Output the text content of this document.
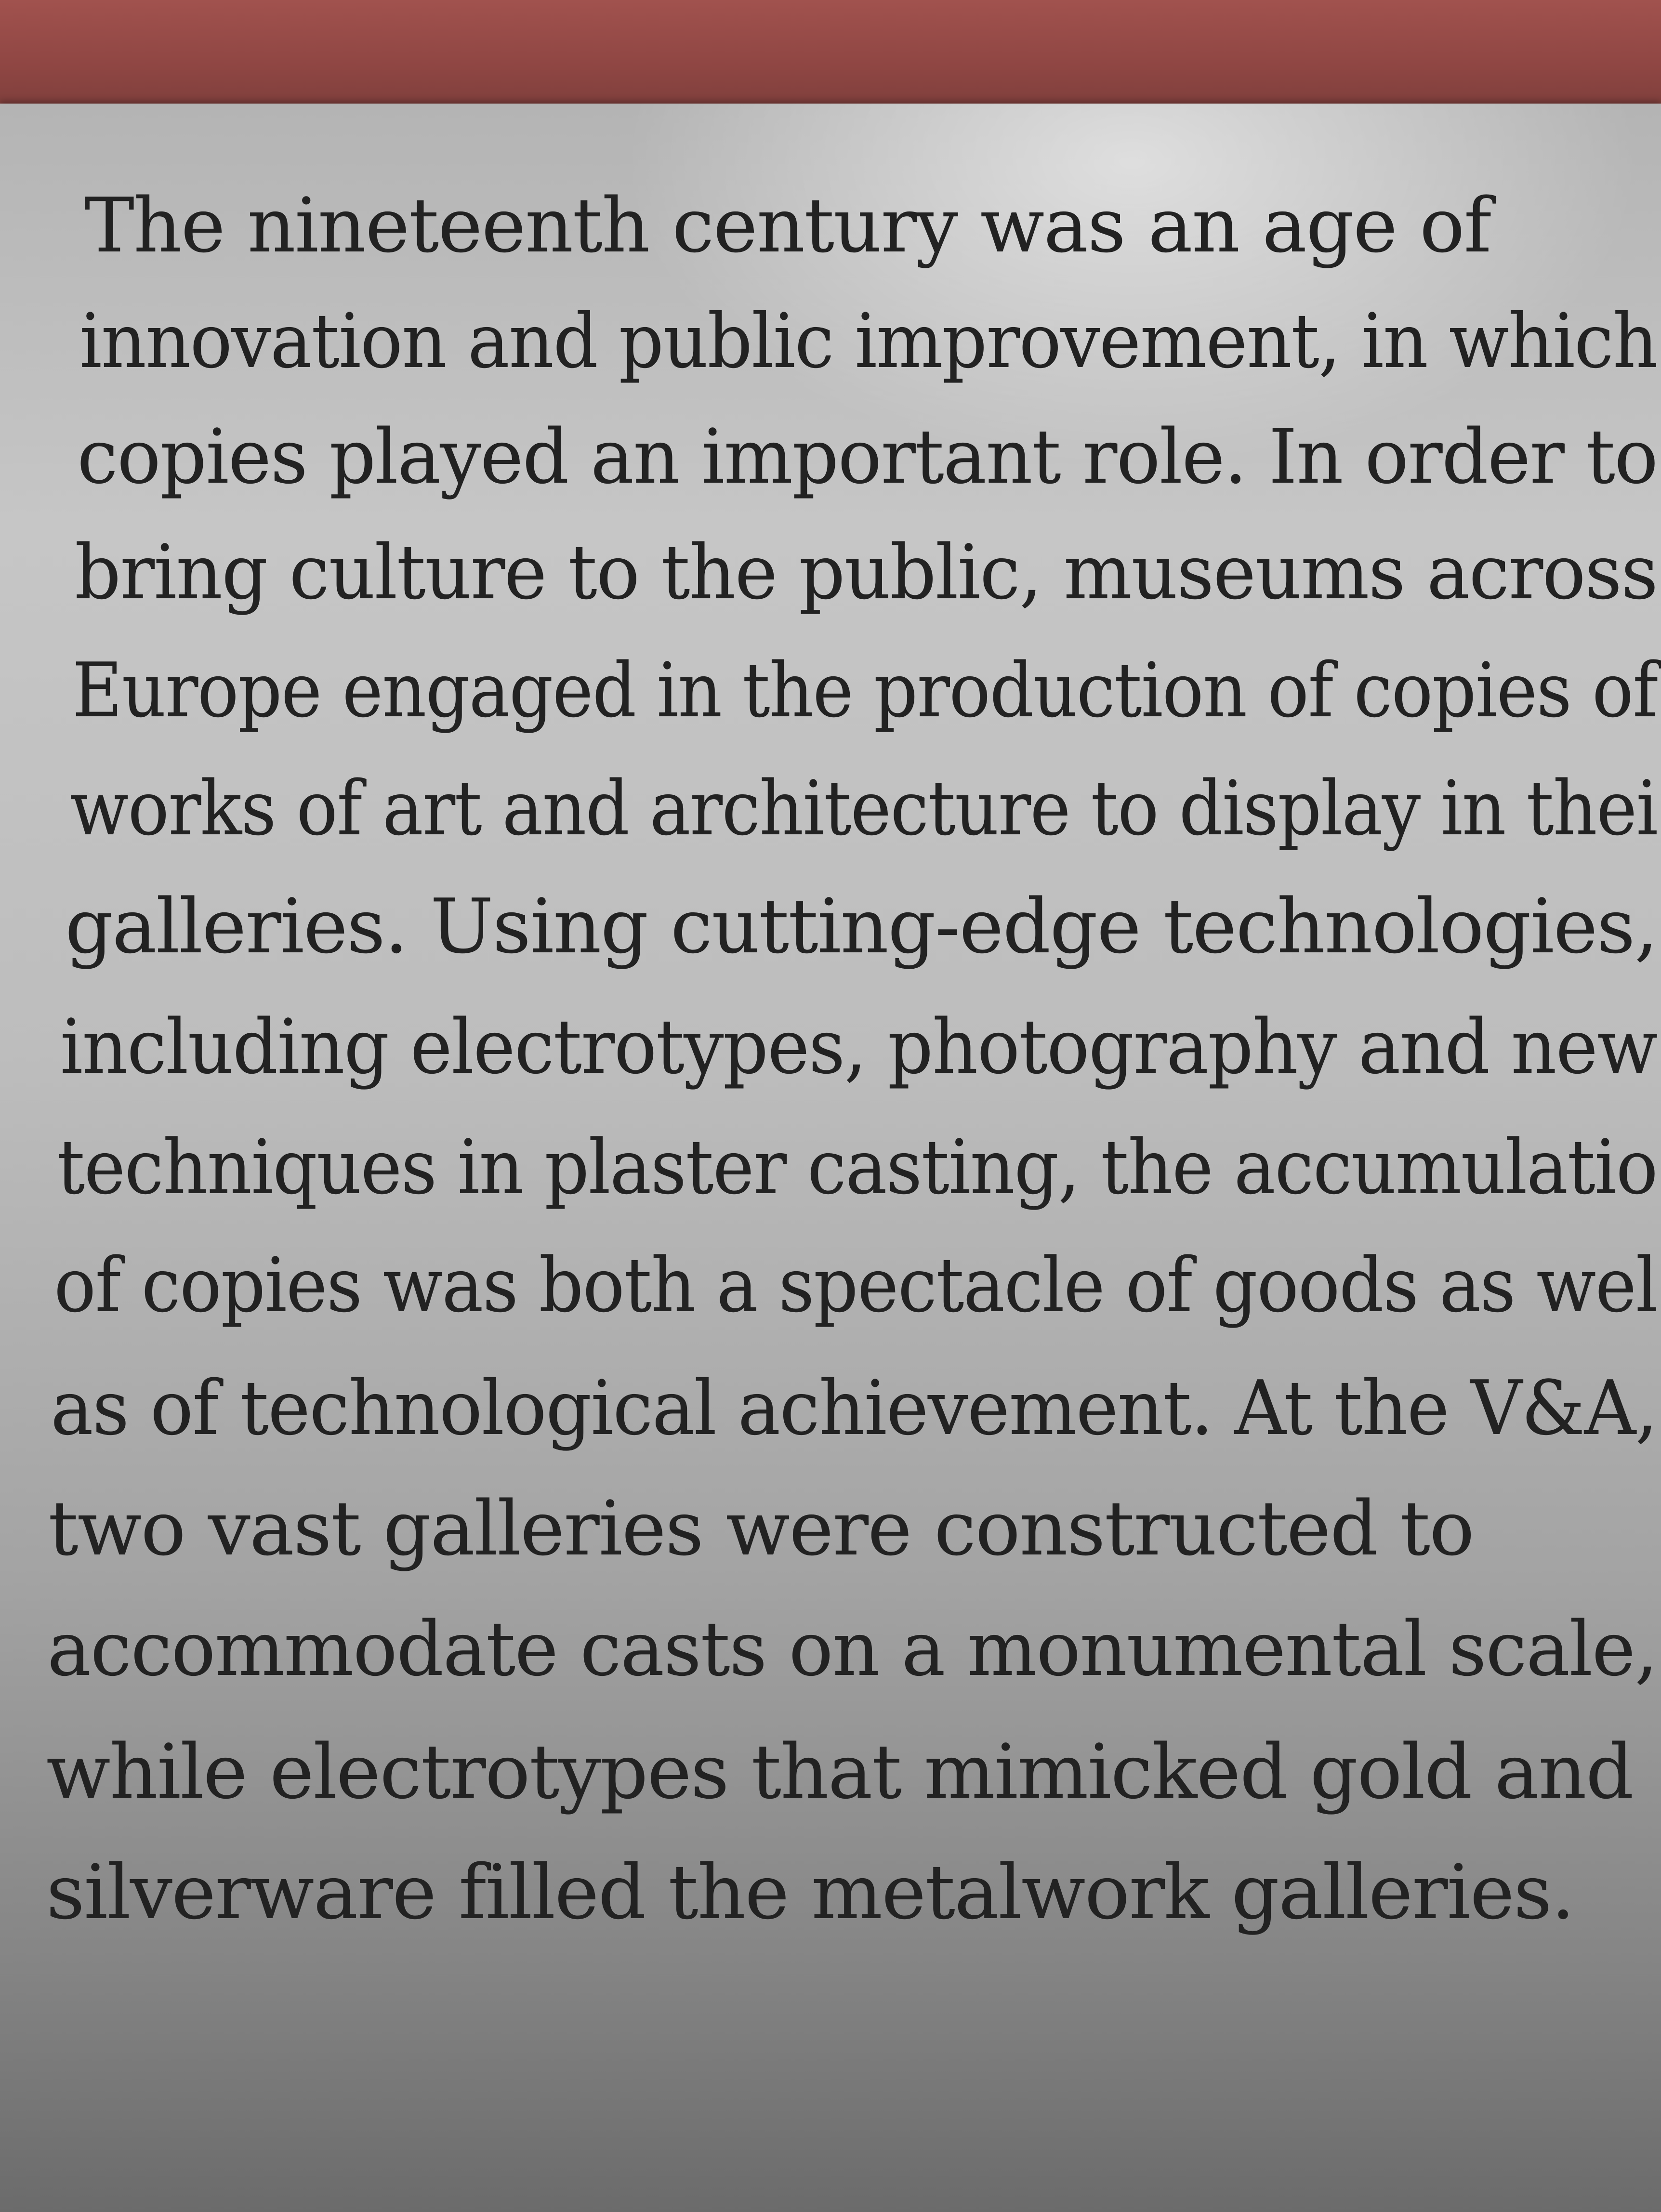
The nineteenth century was an age of
innovation and public improvement, in which
copies played an important role. In order to
bring culture to the public, museums across
Europe engaged in the production of copies of
works of art and architecture to display in thei
galleries. Using cutting-edge technologies,
including electrotypes, photography and new
techniques in plaster casting, the accumulatio
of copies was both a spectacle of goods as wel
as of technological achievement. At the V&A,
two vast galleries were constructed to
accommodate casts on a monumental scale,
while electrotypes that mimicked gold and
silverware filled the metalwork galleries.
